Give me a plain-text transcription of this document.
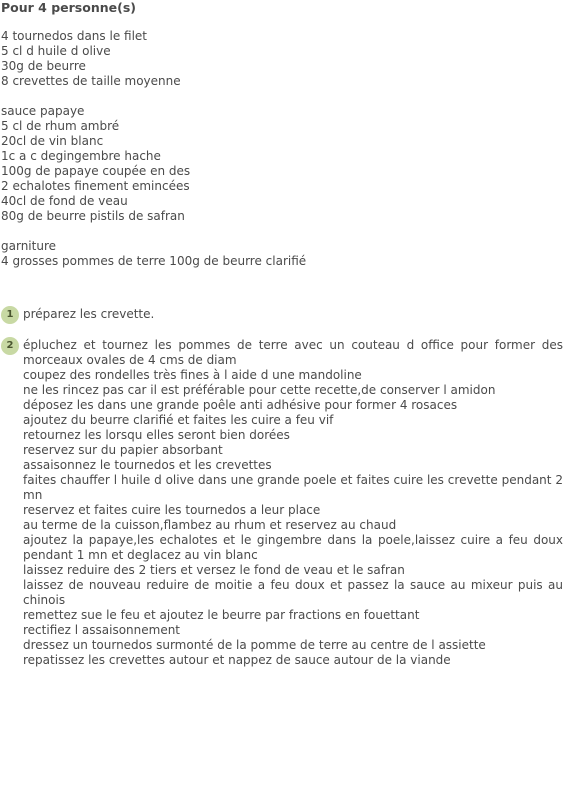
Pour 4 personne(s)
4 tournedos dans le filet
5 cl d huile d olive
30g de beurre
8 crevettes de taille moyenne
sauce papaye
5 cl de rhum ambré
20cl de vin blanc
1c a c degingembre hache
100g de papaye coupée en des
2 echalotes finement emincées
40cl de fond de veau
80g de beurre pistils de safran
garniture
4 grosses pommes de terre 100g de beurre clarifié
1 préparez les crevette.
2 épluchez et tournez les pommes de terre avec un couteau d office pour former des morceaux ovales de 4 cms de diam
coupez des rondelles très fines à l aide d une mandoline
ne les rincez pas car il est préférable pour cette recette,de conserver l amidon
déposez les dans une grande poêle anti adhésive pour former 4 rosaces
ajoutez du beurre clarifié et faites les cuire a feu vif
retournez les lorsqu elles seront bien dorées
reservez sur du papier absorbant
assaisonnez le tournedos et les crevettes
faites chauffer l huile d olive dans une grande poele et faites cuire les crevette pendant 2 mn
reservez et faites cuire les tournedos a leur place
au terme de la cuisson,flambez au rhum et reservez au chaud
ajoutez la papaye,les echalotes et le gingembre dans la poele,laissez cuire a feu doux pendant 1 mn et deglacez au vin blanc
laissez reduire des 2 tiers et versez le fond de veau et le safran
laissez de nouveau reduire de moitie a feu doux et passez la sauce au mixeur puis au chinois
remettez sue le feu et ajoutez le beurre par fractions en fouettant
rectifiez l assaisonnement
dressez un tournedos surmonté de la pomme de terre au centre de l assiette
repatissez les crevettes autour et nappez de sauce autour de la viande
